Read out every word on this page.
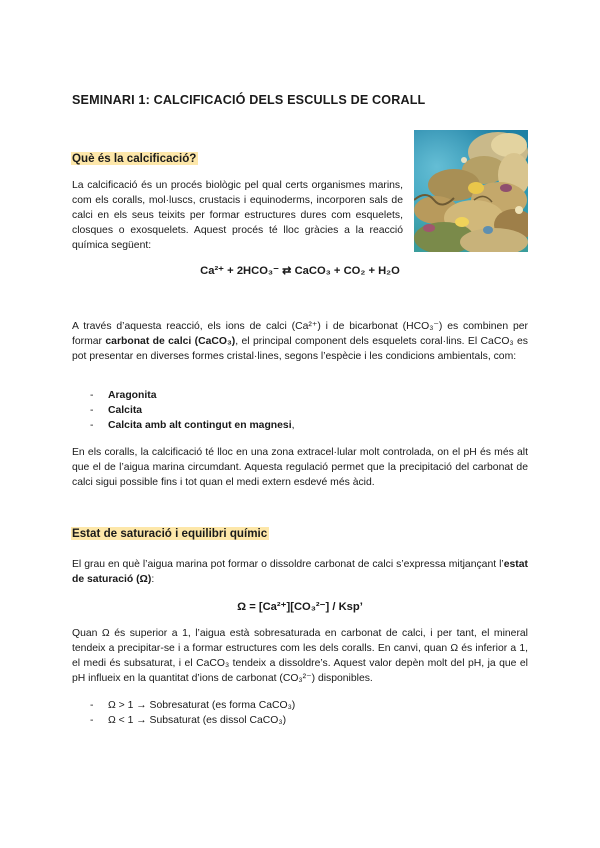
SEMINARI 1: CALCIFICACIÓ DELS ESCULLS DE CORALL
Què és la calcificació?

La calcificació és un procés biològic pel qual certs organismes marins, com els coralls, mol·luscs, crustacis i equinoderms, incorporen sals de calci en els seus teixits per formar estructures dures com esquelets, closques o exosquelets. Aquest procés té lloc gràcies a la reacció química següent:

Ca²⁺ + 2HCO₃⁻ ⇄ CaCO₃ + CO₂ + H₂O

A través d’aquesta reacció, els ions de calci (Ca²⁺) i de bicarbonat (HCO₃⁻) es combinen per formar carbonat de calci (CaCO₃), el principal component dels esquelets coral·lins. El CaCO₃ es pot presentar en diverses formes cristal·lines, segons l’espècie i les condicions ambientals, com:

- Aragonita
- Calcita
- Calcita amb alt contingut en magnesi,

En els coralls, la calcificació té lloc en una zona extracel·lular molt controlada, on el pH és més alt que el de l’aigua marina circumdant. Aquesta regulació permet que la precipitació del carbonat de calci sigui possible fins i tot quan el medi extern esdevé més àcid.

Estat de saturació i equilibri químic

El grau en què l’aigua marina pot formar o dissoldre carbonat de calci s’expressa mitjançant l’estat de saturació (Ω):

Ω = [Ca²⁺][CO₃²⁻] / Ksp’

Quan Ω és superior a 1, l’aigua està sobresaturada en carbonat de calci, i per tant, el mineral tendeix a precipitar-se i a formar estructures com les dels coralls. En canvi, quan Ω és inferior a 1, el medi és subsaturat, i el CaCO₃ tendeix a dissoldre’s. Aquest valor depèn molt del pH, ja que el pH influeix en la quantitat d’ions de carbonat (CO₃²⁻) disponibles.

- Ω > 1 → Sobresaturat (es forma CaCO₃)
- Ω < 1 → Subsaturat (es dissol CaCO₃)
